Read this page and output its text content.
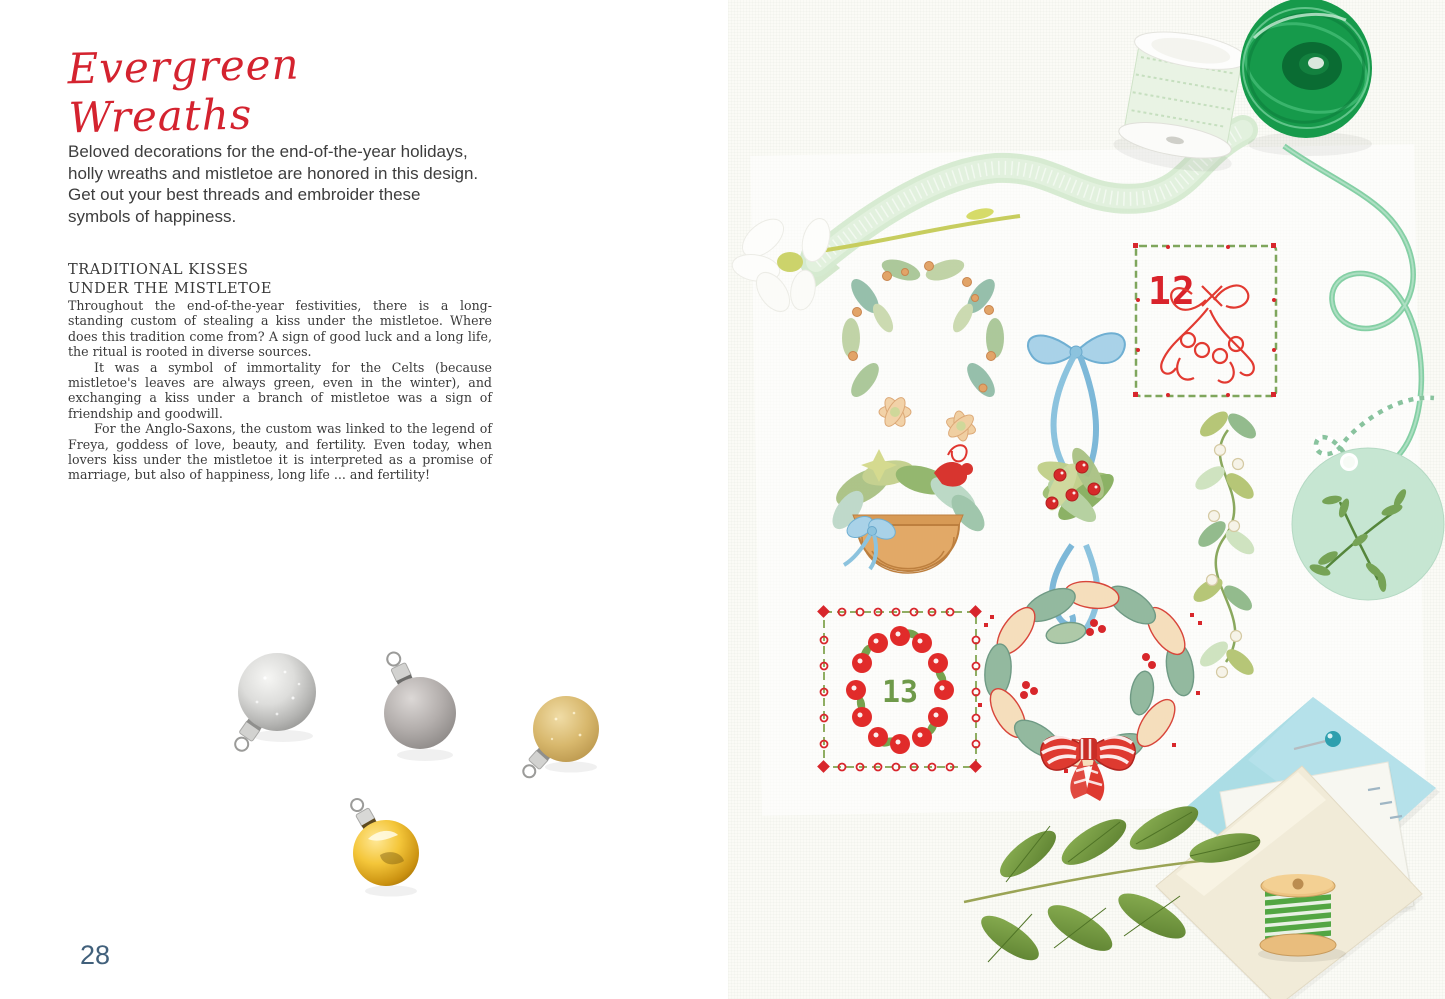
Evergreen Wreaths
Beloved decorations for the end-of-the-year holidays,
holly wreaths and mistletoe are honored in this design.
Get out your best threads and embroider these
symbols of happiness.
TRADITIONAL KISSES
UNDER THE MISTLETOE

Throughout the end-of-the-year festivities, there is a long-standing custom of stealing a kiss under the mistletoe. Where does this tradition come from? A sign of good luck and a long life, the ritual is rooted in diverse sources.

It was a symbol of immortality for the Celts (because mistletoe's leaves are always green, even in the winter), and exchanging a kiss under a branch of mistletoe was a sign of friendship and goodwill.

For the Anglo-Saxons, the custom was linked to the legend of Freya, goddess of love, beauty, and fertility. Even today, when lovers kiss under the mistletoe it is interpreted as a promise of marriage, but also of happiness, long life ... and fertility!

28
12
13
